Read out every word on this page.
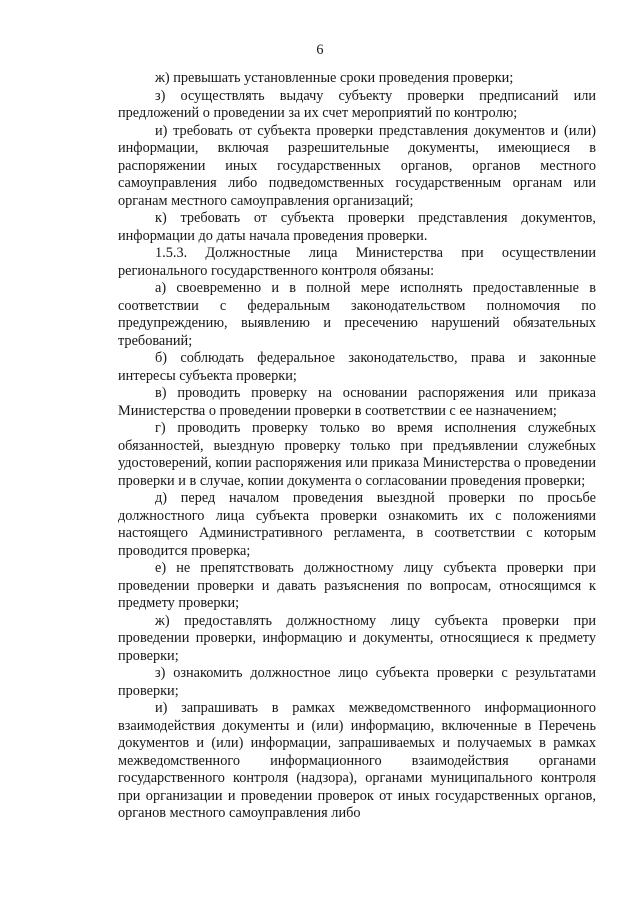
6

ж) превышать установленные сроки проведения проверки;

з) осуществлять выдачу субъекту проверки предписаний или предложений о проведении за их счет мероприятий по контролю;

и) требовать от субъекта проверки представления документов и (или) информации, включая разрешительные документы, имеющиеся в распоряжении иных государственных органов, органов местного самоуправления либо подведомственных государственным органам или органам местного самоуправления организаций;

к) требовать от субъекта проверки представления документов, информации до даты начала проведения проверки.

1.5.3. Должностные лица Министерства при осуществлении регионального государственного контроля обязаны:

а) своевременно и в полной мере исполнять предоставленные в соответствии с федеральным законодательством полномочия по предупреждению, выявлению и пресечению нарушений обязательных требований;

б) соблюдать федеральное законодательство, права и законные интересы субъекта проверки;

в) проводить проверку на основании распоряжения или приказа Министерства о проведении проверки в соответствии с ее назначением;

г) проводить проверку только во время исполнения служебных обязанностей, выездную проверку только при предъявлении служебных удостоверений, копии распоряжения или приказа Министерства о проведении проверки и в случае, копии документа о согласовании проведения проверки;

д) перед началом проведения выездной проверки по просьбе должностного лица субъекта проверки ознакомить их с положениями настоящего Административного регламента, в соответствии с которым проводится проверка;

е) не препятствовать должностному лицу субъекта проверки при проведении проверки и давать разъяснения по вопросам, относящимся к предмету проверки;

ж) предоставлять должностному лицу субъекта проверки при проведении проверки, информацию и документы, относящиеся к предмету проверки;

з) ознакомить должностное лицо субъекта проверки с результатами проверки;

и) запрашивать в рамках межведомственного информационного взаимодействия документы и (или) информацию, включенные в Перечень документов и (или) информации, запрашиваемых и получаемых в рамках межведомственного информационного взаимодействия органами государственного контроля (надзора), органами муниципального контроля при организации и проведении проверок от иных государственных органов, органов местного самоуправления либо
